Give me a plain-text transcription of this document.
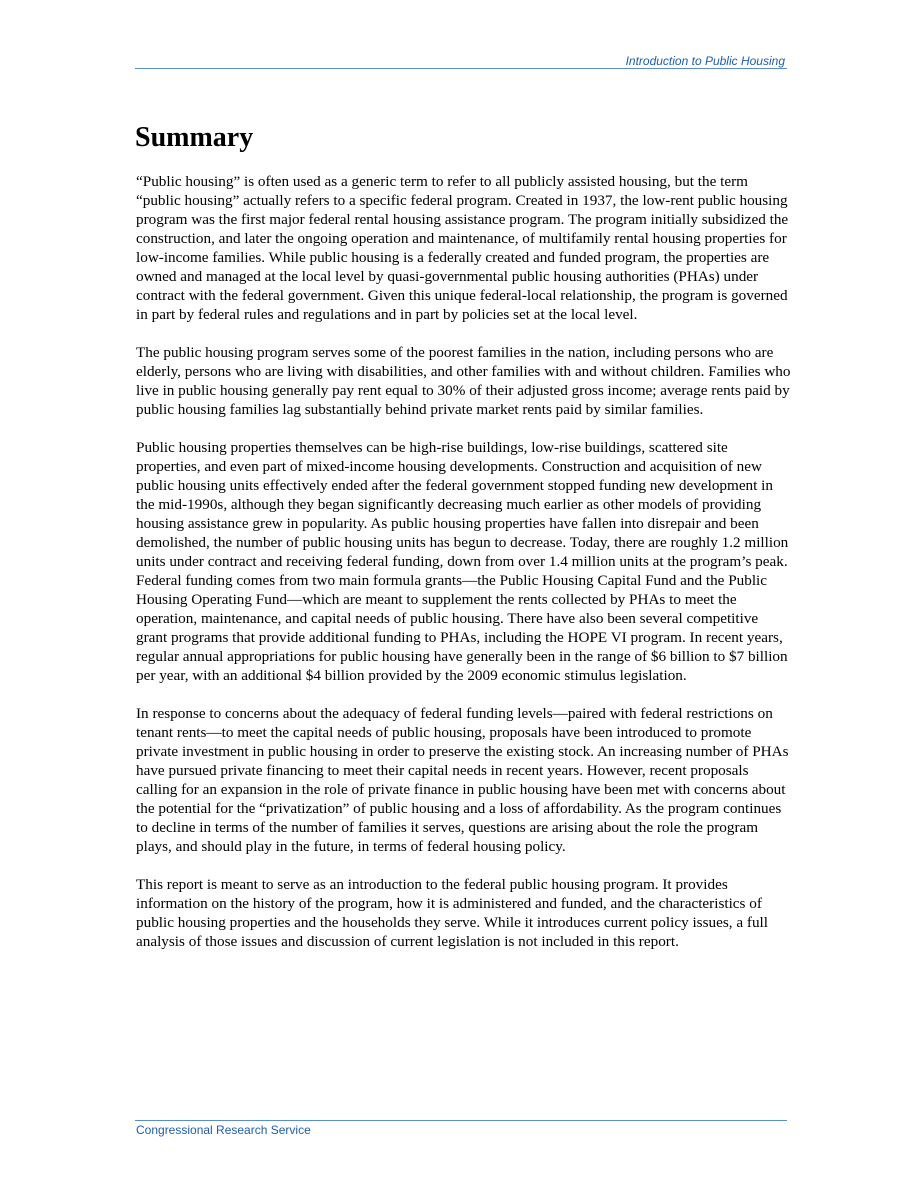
Introduction to Public Housing
Summary

“Public housing” is often used as a generic term to refer to all publicly assisted housing, but the term “public housing” actually refers to a specific federal program. Created in 1937, the low-rent public housing program was the first major federal rental housing assistance program. The program initially subsidized the construction, and later the ongoing operation and maintenance, of multifamily rental housing properties for low-income families. While public housing is a federally created and funded program, the properties are owned and managed at the local level by quasi-governmental public housing authorities (PHAs) under contract with the federal government. Given this unique federal-local relationship, the program is governed in part by federal rules and regulations and in part by policies set at the local level.

The public housing program serves some of the poorest families in the nation, including persons who are elderly, persons who are living with disabilities, and other families with and without children. Families who live in public housing generally pay rent equal to 30% of their adjusted gross income; average rents paid by public housing families lag substantially behind private market rents paid by similar families.

Public housing properties themselves can be high-rise buildings, low-rise buildings, scattered site properties, and even part of mixed-income housing developments. Construction and acquisition of new public housing units effectively ended after the federal government stopped funding new development in the mid-1990s, although they began significantly decreasing much earlier as other models of providing housing assistance grew in popularity. As public housing properties have fallen into disrepair and been demolished, the number of public housing units has begun to decrease. Today, there are roughly 1.2 million units under contract and receiving federal funding, down from over 1.4 million units at the program’s peak. Federal funding comes from two main formula grants—the Public Housing Capital Fund and the Public Housing Operating Fund—which are meant to supplement the rents collected by PHAs to meet the operation, maintenance, and capital needs of public housing. There have also been several competitive grant programs that provide additional funding to PHAs, including the HOPE VI program. In recent years, regular annual appropriations for public housing have generally been in the range of $6 billion to $7 billion per year, with an additional $4 billion provided by the 2009 economic stimulus legislation.

In response to concerns about the adequacy of federal funding levels—paired with federal restrictions on tenant rents—to meet the capital needs of public housing, proposals have been introduced to promote private investment in public housing in order to preserve the existing stock. An increasing number of PHAs have pursued private financing to meet their capital needs in recent years. However, recent proposals calling for an expansion in the role of private finance in public housing have been met with concerns about the potential for the “privatization” of public housing and a loss of affordability. As the program continues to decline in terms of the number of families it serves, questions are arising about the role the program plays, and should play in the future, in terms of federal housing policy.

This report is meant to serve as an introduction to the federal public housing program. It provides information on the history of the program, how it is administered and funded, and the characteristics of public housing properties and the households they serve. While it introduces current policy issues, a full analysis of those issues and discussion of current legislation is not included in this report.

Congressional Research Service
